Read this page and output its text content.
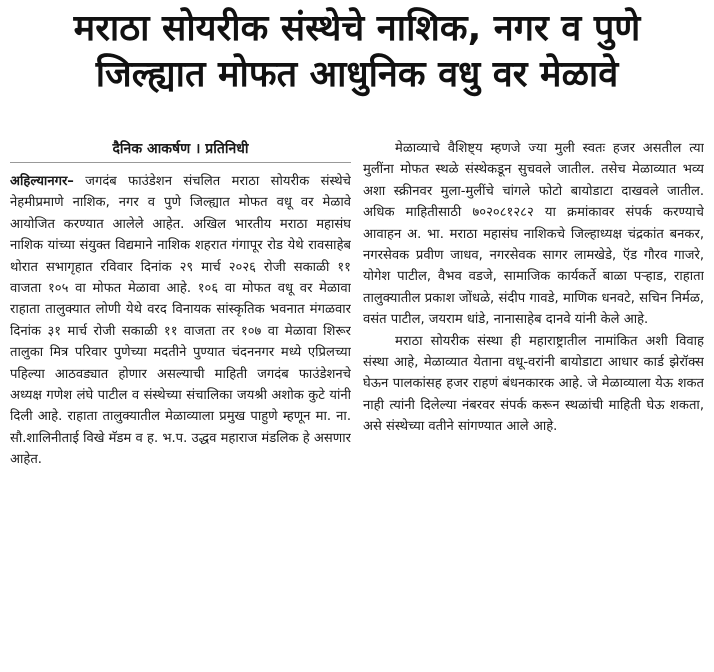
मराठा सोयरीक संस्थेचे नाशिक, नगर व पुणे
जिल्ह्यात मोफत आधुनिक वधु वर मेळावे
दैनिक आकर्षण । प्रतिनिधी

अहिल्यानगर– जगदंब फाउंडेशन संचलित मराठा सोयरीक संस्थेचे नेहमीप्रमाणे नाशिक, नगर व पुणे जिल्ह्यात मोफत वधू वर मेळावे आयोजित करण्यात आलेले आहेत. अखिल भारतीय मराठा महासंघ नाशिक यांच्या संयुक्त विद्यमाने नाशिक शहरात गंगापूर रोड येथे रावसाहेब थोरात सभागृहात रविवार दिनांक २९ मार्च २०२६ रोजी सकाळी ११ वाजता १०५ वा मोफत मेळावा आहे. १०६ वा मोफत वधू वर मेळावा राहाता तालुक्यात लोणी येथे वरद विनायक सांस्कृतिक भवनात मंगळवार दिनांक ३१ मार्च रोजी सकाळी ११ वाजता तर १०७ वा मेळावा शिरूर तालुका मित्र परिवार पुणेच्या मदतीने पुण्यात चंदननगर मध्ये एप्रिलच्या पहिल्या आठवड्यात होणार असल्याची माहिती जगदंब फाउंडेशनचे अध्यक्ष गणेश लंघे पाटील व संस्थेच्या संचालिका जयश्री अशोक कुटे यांनी दिली आहे. राहाता तालुक्यातील मेळाव्याला प्रमुख पाहुणे म्हणून मा. ना. सौ.शालिनीताई विखे मॅडम व ह. भ.प. उद्धव महाराज मंडलिक हे असणार आहेत.

मेळाव्याचे वैशिष्ट्य म्हणजे ज्या मुली स्वतः हजर असतील त्या मुलींना मोफत स्थळे संस्थेकडून सुचवले जातील. तसेच मेळाव्यात भव्य अशा स्क्रीनवर मुला-मुलींचे चांगले फोटो बायोडाटा दाखवले जातील. अधिक माहितीसाठी ७०२०८१२८२ या क्रमांकावर संपर्क करण्याचे आवाहन अ. भा. मराठा महासंघ नाशिकचे जिल्हाध्यक्ष चंद्रकांत बनकर, नगरसेवक प्रवीण जाधव, नगरसेवक सागर लामखेडे, ऍड गौरव गाजरे, योगेश पाटील, वैभव वडजे, सामाजिक कार्यकर्ते बाळा पऱ्हाड, राहाता तालुक्यातील प्रकाश जोंधळे, संदीप गावडे, माणिक धनवटे, सचिन निर्मळ, वसंत पाटील, जयराम धांडे, नानासाहेब दानवे यांनी केले आहे.

मराठा सोयरीक संस्था ही महाराष्ट्रातील नामांकित अशी विवाह संस्था आहे, मेळाव्यात येताना वधू-वरांनी बायोडाटा आधार कार्ड झेरॉक्स घेऊन पालकांसह हजर राहणं बंधनकारक आहे. जे मेळाव्याला येऊ शकत नाही त्यांनी दिलेल्या नंबरवर संपर्क करून स्थळांची माहिती घेऊ शकता, असे संस्थेच्या वतीने सांगण्यात आले आहे.
